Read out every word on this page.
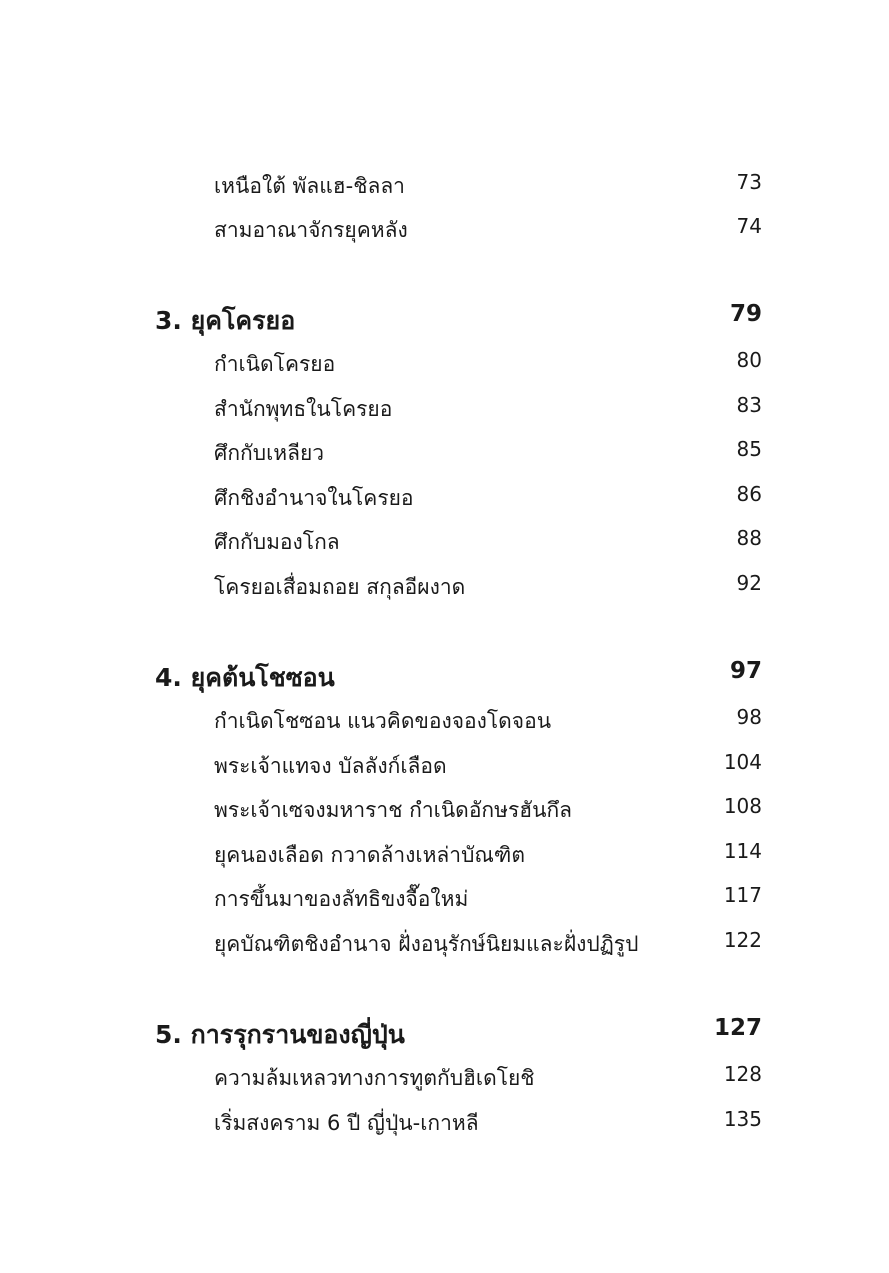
เหนือใต้ พัลแฮ-ชิลลา	73
สามอาณาจักรยุคหลัง	74
3. ยุคโครยอ	79
กำเนิดโครยอ	80
สำนักพุทธในโครยอ	83
ศึกกับเหลียว	85
ศึกชิงอำนาจในโครยอ	86
ศึกกับมองโกล	88
โครยอเสื่อมถอย สกุลอีผงาด	92
4. ยุคต้นโชซอน	97
กำเนิดโชซอน แนวคิดของจองโดจอน	98
พระเจ้าแทจง บัลลังก์เลือด	104
พระเจ้าเซจงมหาราช กำเนิดอักษรฮันกึล	108
ยุคนองเลือด กวาดล้างเหล่าบัณฑิต	114
การขึ้นมาของลัทธิขงจื๊อใหม่	117
ยุคบัณฑิตชิงอำนาจ ฝั่งอนุรักษ์นิยมและฝั่งปฏิรูป	122
5. การรุกรานของญี่ปุ่น	127
ความล้มเหลวทางการทูตกับฮิเดโยชิ	128
เริ่มสงคราม 6 ปี ญี่ปุ่น-เกาหลี	135
